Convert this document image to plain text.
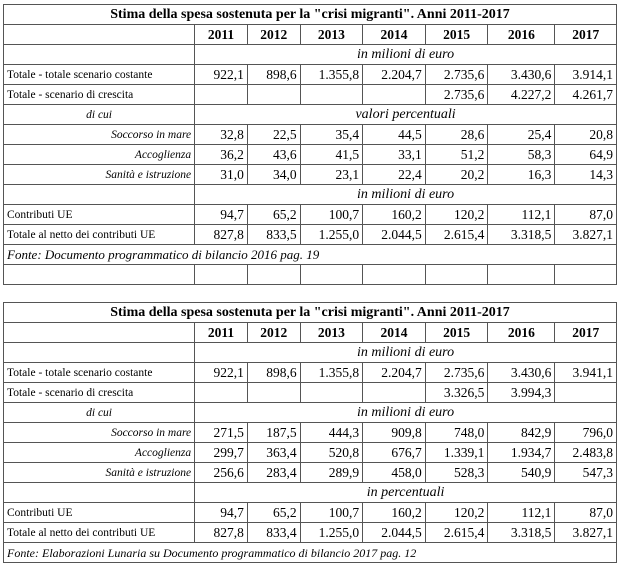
Stima della spesa sostenuta per la "crisi migranti". Anni 2011-2017							
	2011	2012	2013	2014	2015	2016	2017
	in milioni di euro						
Totale - totale scenario costante	922,1	898,6	1.355,8	2.204,7	2.735,6	3.430,6	3.914,1
Totale - scenario di crescita					2.735,6	4.227,2	4.261,7
di cui	valori percentuali						
Soccorso in mare	32,8	22,5	35,4	44,5	28,6	25,4	20,8
Accoglienza	36,2	43,6	41,5	33,1	51,2	58,3	64,9
Sanità e istruzione	31,0	34,0	23,1	22,4	20,2	16,3	14,3
	in milioni di euro						
Contributi UE	94,7	65,2	100,7	160,2	120,2	112,1	87,0
Totale al netto dei contributi UE	827,8	833,5	1.255,0	2.044,5	2.615,4	3.318,5	3.827,1
Fonte: Documento programmatico di bilancio 2016 pag. 19							

Stima della spesa sostenuta per la "crisi migranti". Anni 2011-2017							
	2011	2012	2013	2014	2015	2016	2017
	in milioni di euro						
Totale - totale scenario costante	922,1	898,6	1.355,8	2.204,7	2.735,6	3.430,6	3.941,1
Totale - scenario di crescita					3.326,5	3.994,3	
di cui	in milioni di euro						
Soccorso in mare	271,5	187,5	444,3	909,8	748,0	842,9	796,0
Accoglienza	299,7	363,4	520,8	676,7	1.339,1	1.934,7	2.483,8
Sanità e istruzione	256,6	283,4	289,9	458,0	528,3	540,9	547,3
	in percentuali						
Contributi UE	94,7	65,2	100,7	160,2	120,2	112,1	87,0
Totale al netto dei contributi UE	827,8	833,4	1.255,0	2.044,5	2.615,4	3.318,5	3.827,1
Fonte: Elaborazioni Lunaria su Documento programmatico di bilancio 2017 pag. 12							
